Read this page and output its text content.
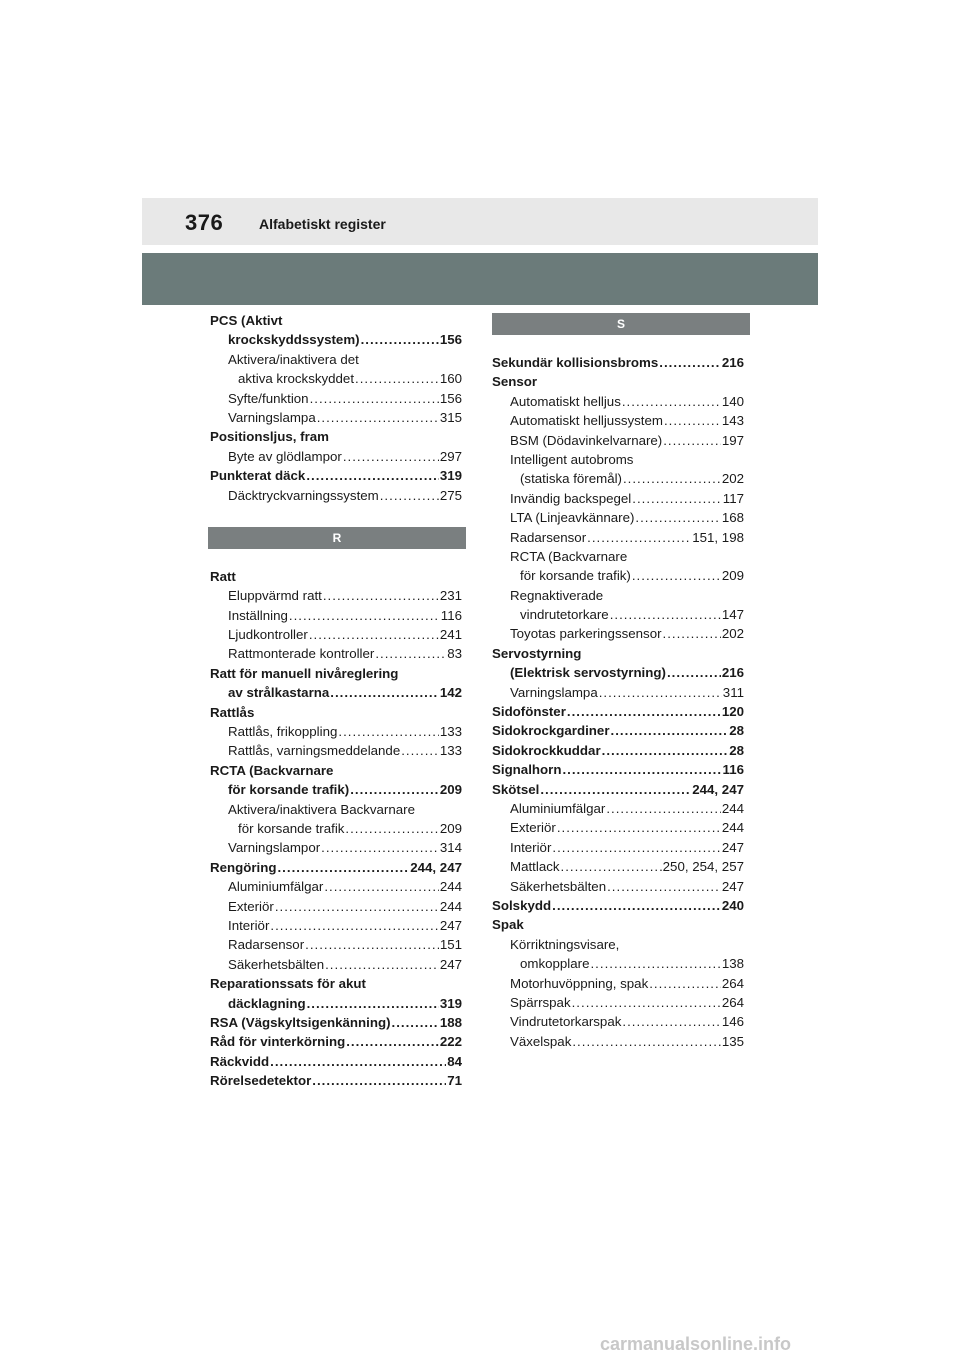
376	Alfabetiskt register
PCS (Aktivt
krockskyddssystem) .....	156
Aktivera/inaktivera det
aktiva krockskyddet .....	160
Syfte/funktion .....	156
Varningslampa .....	315
Positionsljus, fram
Byte av glödlampor .....	297
Punkterat däck .....	319
Däcktryckvarningssystem .....	275
R
Ratt
Eluppvärmd ratt .....	231
Inställning .....	116
Ljudkontroller .....	241
Rattmonterade kontroller .....	83
Ratt för manuell nivåreglering
av strålkastarna .....	142
Rattlås
Rattlås, frikoppling .....	133
Rattlås, varningsmeddelande .....	133
RCTA (Backvarnare
för korsande trafik) .....	209
Aktivera/inaktivera Backvarnare
för korsande trafik .....	209
Varningslampor .....	314
Rengöring .....	244, 247
Aluminiumfälgar .....	244
Exteriör .....	244
Interiör .....	247
Radarsensor .....	151
Säkerhetsbälten .....	247
Reparationssats för akut
däcklagning .....	319
RSA (Vägskyltsigenkänning) .....	188
Råd för vinterkörning .....	222
Räckvidd .....	84
Rörelsedetektor .....	71
S
Sekundär kollisionsbroms .....	216
Sensor
Automatiskt helljus .....	140
Automatiskt helljussystem .....	143
BSM (Dödavinkelvarnare) .....	197
Intelligent autobroms
(statiska föremål) .....	202
Invändig backspegel .....	117
LTA (Linjeavkännare) .....	168
Radarsensor .....	151, 198
RCTA (Backvarnare
för korsande trafik) .....	209
Regnaktiverade
vindrutetorkare .....	147
Toyotas parkeringssensor .....	202
Servostyrning
(Elektrisk servostyrning) .....	216
Varningslampa .....	311
Sidofönster .....	120
Sidokrockgardiner .....	28
Sidokrockkuddar .....	28
Signalhorn .....	116
Skötsel .....	244, 247
Aluminiumfälgar .....	244
Exteriör .....	244
Interiör .....	247
Mattlack .....	250, 254, 257
Säkerhetsbälten .....	247
Solskydd .....	240
Spak
Körriktningsvisare,
omkopplare .....	138
Motorhuvöppning, spak .....	264
Spärrspak .....	264
Vindrutetorkarspak .....	146
Växelspak .....	135
carmanualsonline.info
